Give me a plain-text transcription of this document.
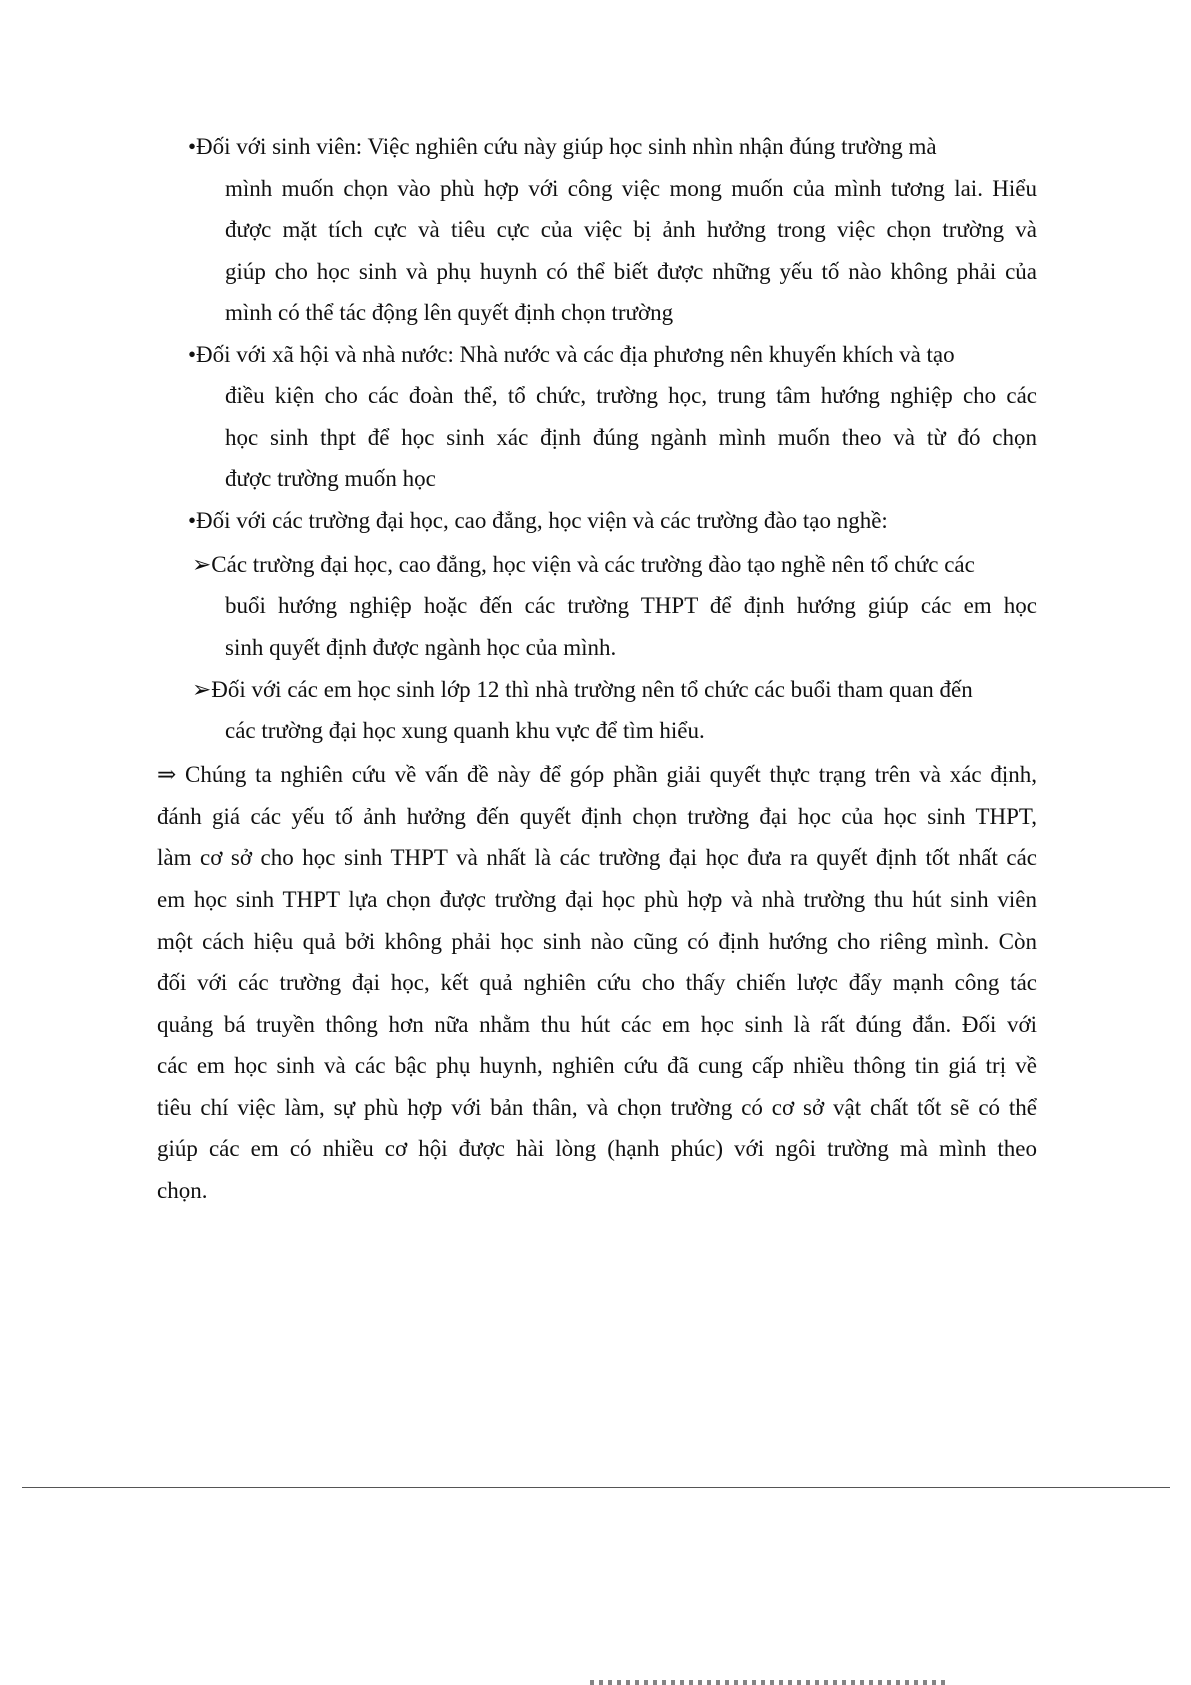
•Đối với sinh viên: Việc nghiên cứu này giúp học sinh nhìn nhận đúng trường mà
mình muốn chọn vào phù hợp với công việc mong muốn của mình tương lai. Hiểu
được mặt tích cực và tiêu cực của việc bị ảnh hưởng trong việc chọn trường và
giúp cho học sinh và phụ huynh có thể biết được những yếu tố nào không phải của
mình có thể tác động lên quyết định chọn trường
•Đối với xã hội và nhà nước: Nhà nước và các địa phương nên khuyến khích và tạo
điều kiện cho các đoàn thể, tổ chức, trường học, trung tâm hướng nghiệp cho các
học sinh thpt để học sinh xác định đúng ngành mình muốn theo và từ đó chọn
được trường muốn học
•Đối với các trường đại học, cao đẳng, học viện và các trường đào tạo nghề:
➢Các trường đại học, cao đẳng, học viện và các trường đào tạo nghề nên tổ chức các
buổi hướng nghiệp hoặc đến các trường THPT để định hướng giúp các em học
sinh quyết định được ngành học của mình.
➢Đối với các em học sinh lớp 12 thì nhà trường nên tổ chức các buổi tham quan đến
các trường đại học xung quanh khu vực để tìm hiểu.
⇒ Chúng ta nghiên cứu về vấn đề này để góp phần giải quyết thực trạng trên và xác định,
đánh giá các yếu tố ảnh hưởng đến quyết định chọn trường đại học của học sinh THPT,
làm cơ sở cho học sinh THPT và nhất là các trường đại học đưa ra quyết định tốt nhất các
em học sinh THPT lựa chọn được trường đại học phù hợp và nhà trường thu hút sinh viên
một cách hiệu quả bởi không phải học sinh nào cũng có định hướng cho riêng mình. Còn
đối với các trường đại học, kết quả nghiên cứu cho thấy chiến lược đẩy mạnh công tác
quảng bá truyền thông hơn nữa nhằm thu hút các em học sinh là rất đúng đắn. Đối với
các em học sinh và các bậc phụ huynh, nghiên cứu đã cung cấp nhiều thông tin giá trị về
tiêu chí việc làm, sự phù hợp với bản thân, và chọn trường có cơ sở vật chất tốt sẽ có thể
giúp các em có nhiều cơ hội được hài lòng (hạnh phúc) với ngôi trường mà mình theo
chọn.
